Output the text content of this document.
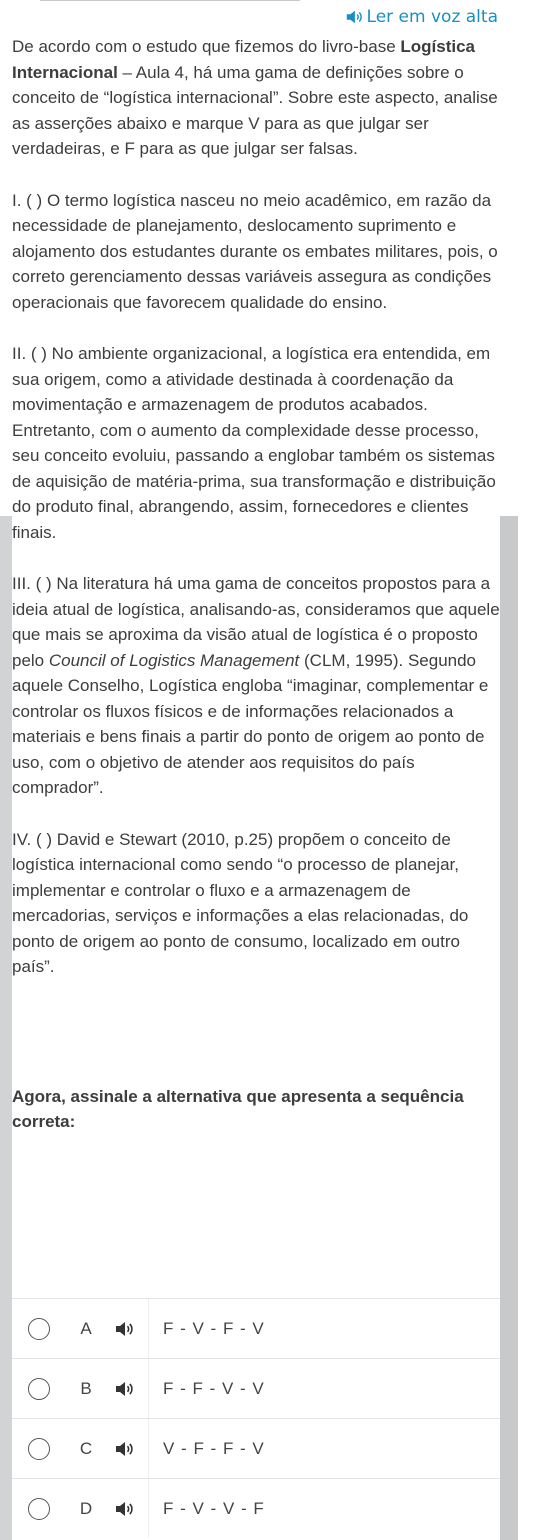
Ler em voz alta

De acordo com o estudo que fizemos do livro-base Logística Internacional – Aula 4, há uma gama de definições sobre o conceito de “logística internacional”. Sobre este aspecto, analise as asserções abaixo e marque V para as que julgar ser verdadeiras, e F para as que julgar ser falsas.

I. ( ) O termo logística nasceu no meio acadêmico, em razão da necessidade de planejamento, deslocamento suprimento e alojamento dos estudantes durante os embates militares, pois, o correto gerenciamento dessas variáveis assegura as condições operacionais que favorecem qualidade do ensino.

II. ( ) No ambiente organizacional, a logística era entendida, em sua origem, como a atividade destinada à coordenação da movimentação e armazenagem de produtos acabados. Entretanto, com o aumento da complexidade desse processo, seu conceito evoluiu, passando a englobar também os sistemas de aquisição de matéria-prima, sua transformação e distribuição do produto final, abrangendo, assim, fornecedores e clientes finais.

III. ( ) Na literatura há uma gama de conceitos propostos para a ideia atual de logística, analisando-as, consideramos que aquele que mais se aproxima da visão atual de logística é o proposto pelo Council of Logistics Management (CLM, 1995). Segundo aquele Conselho, Logística engloba “imaginar, complementar e controlar os fluxos físicos e de informações relacionados a materiais e bens finais a partir do ponto de origem ao ponto de uso, com o objetivo de atender aos requisitos do país comprador”.

IV. ( ) David e Stewart (2010, p.25) propõem o conceito de logística internacional como sendo “o processo de planejar, implementar e controlar o fluxo e a armazenagem de mercadorias, serviços e informações a elas relacionadas, do ponto de origem ao ponto de consumo, localizado em outro país”.

Agora, assinale a alternativa que apresenta a sequência correta:

A	F - V - F - V
B	F - F - V - V
C	V - F - F - V
D	F - V - V - F
